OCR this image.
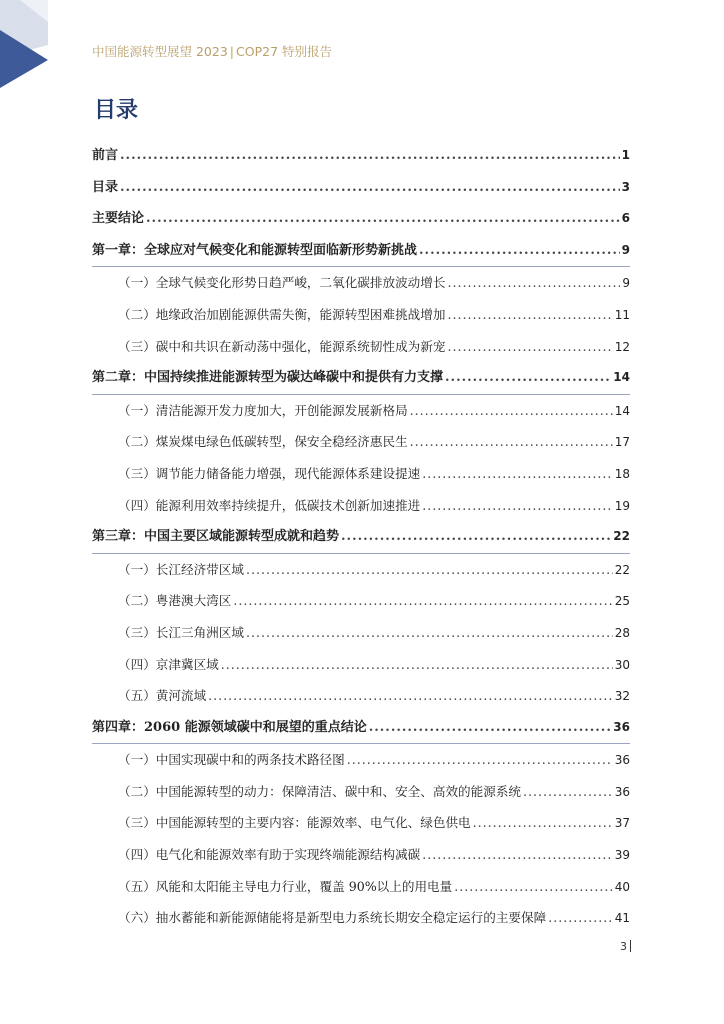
中国能源转型展望 2023 | COP27 特别报告
目录
前言 .....	1
目录 .....	3
主要结论 .....	6
第一章：全球应对气候变化和能源转型面临新形势新挑战 .....	9
（一）全球气候变化形势日趋严峻，二氧化碳排放波动增长 .....	9
（二）地缘政治加剧能源供需失衡，能源转型困难挑战增加 .....	11
（三）碳中和共识在新动荡中强化，能源系统韧性成为新宠 .....	12
第二章：中国持续推进能源转型为碳达峰碳中和提供有力支撑 .....	14
（一）清洁能源开发力度加大，开创能源发展新格局 .....	14
（二）煤炭煤电绿色低碳转型，保安全稳经济惠民生 .....	17
（三）调节能力储备能力增强，现代能源体系建设提速 .....	18
（四）能源利用效率持续提升，低碳技术创新加速推进 .....	19
第三章：中国主要区域能源转型成就和趋势 .....	22
（一）长江经济带区域 .....	22
（二）粤港澳大湾区 .....	25
（三）长江三角洲区域 .....	28
（四）京津冀区域 .....	30
（五）黄河流域 .....	32
第四章：2060 能源领域碳中和展望的重点结论 .....	36
（一）中国实现碳中和的两条技术路径图 .....	36
（二）中国能源转型的动力：保障清洁、碳中和、安全、高效的能源系统 .....	36
（三）中国能源转型的主要内容：能源效率、电气化、绿色供电 .....	37
（四）电气化和能源效率有助于实现终端能源结构减碳 .....	39
（五）风能和太阳能主导电力行业，覆盖 90%以上的用电量 .....	40
（六）抽水蓄能和新能源储能将是新型电力系统长期安全稳定运行的主要保障 .....	41
3
